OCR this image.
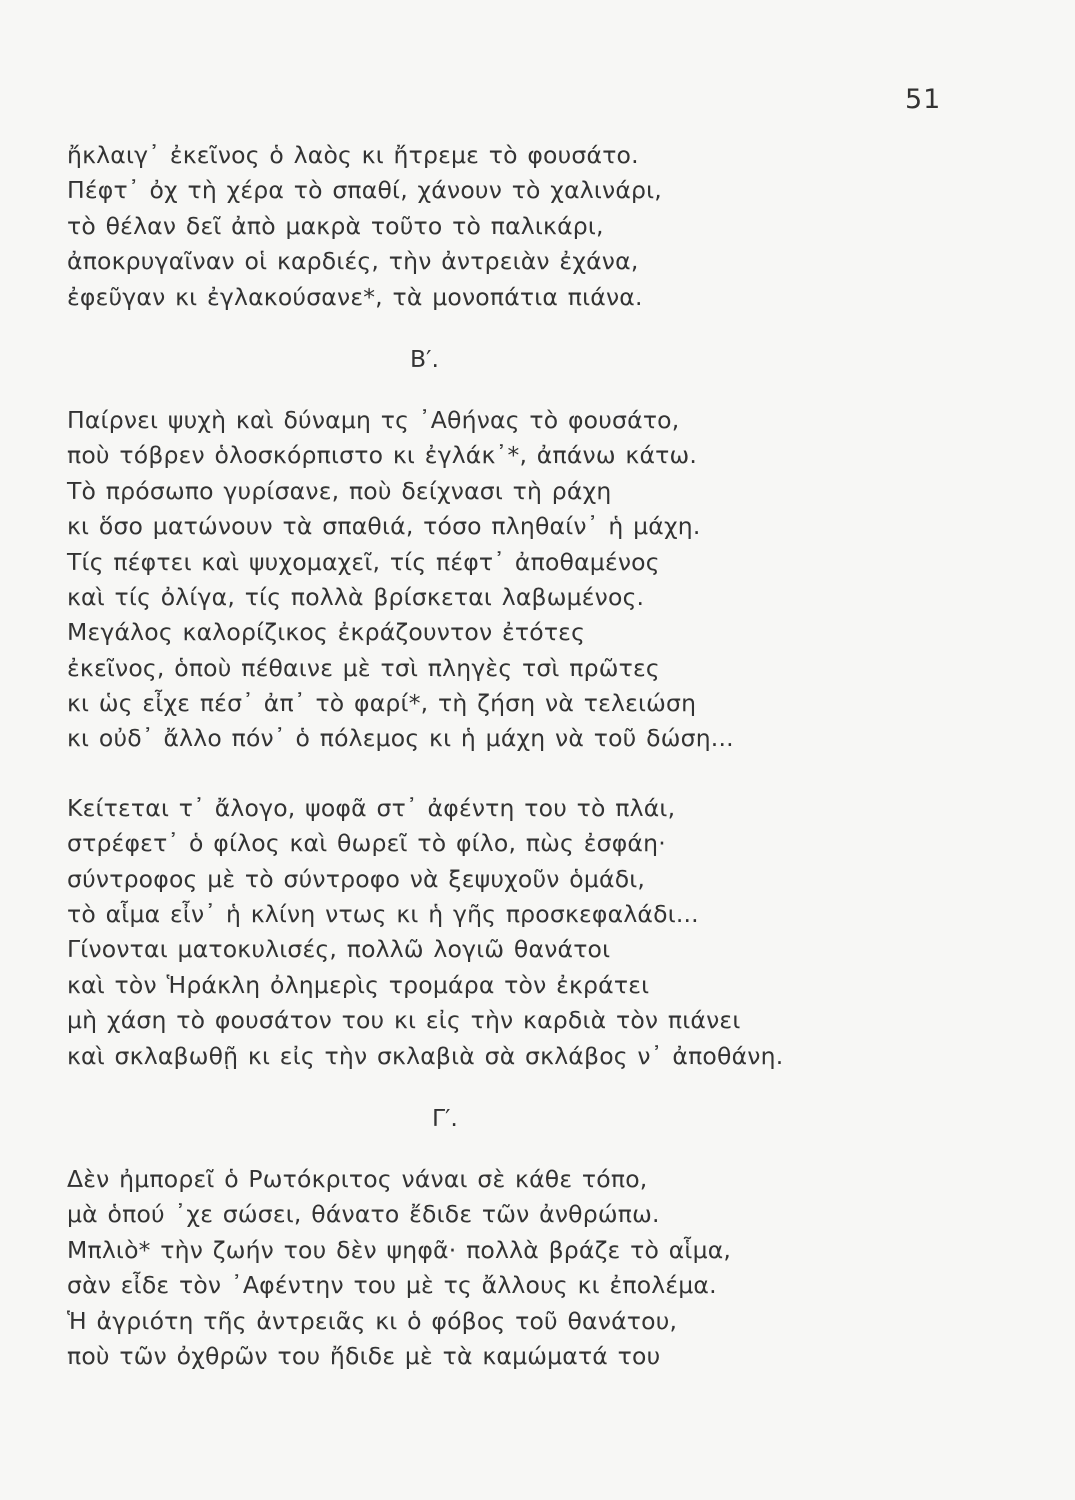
51
ἤκλαιγ᾿ ἐκεῖνος ὁ λαὸς κι ἤτρεμε τὸ φουσάτο.
Πέφτ᾿ ὀχ τὴ χέρα τὸ σπαθί, χάνουν τὸ χαλινάρι,
τὸ θέλαν δεῖ ἀπὸ μακρὰ τοῦτο τὸ παλικάρι,
ἀποκρυγαῖναν οἱ καρδιές, τὴν ἀντρειὰν ἐχάνα,
ἐφεῦγαν κι ἐγλακούσανε*, τὰ μονοπάτια πιάνα.
Β′.
Παίρνει ψυχὴ καὶ δύναμη τς ᾿Αθήνας τὸ φουσάτο,
ποὺ τόβρεν ὁλοσκόρπιστο κι ἐγλάκ᾿*, ἀπάνω κάτω.
Τὸ πρόσωπο γυρίσανε, ποὺ δείχνασι τὴ ράχη
κι ὅσο ματώνουν τὰ σπαθιά, τόσο πληθαίν᾿ ἡ μάχη.
Τίς πέφτει καὶ ψυχομαχεῖ, τίς πέφτ᾿ ἀποθαμένος
καὶ τίς ὀλίγα, τίς πολλὰ βρίσκεται λαβωμένος.
Μεγάλος καλορίζικος ἐκράζουντον ἐτότες
ἐκεῖνος, ὁποὺ πέθαινε μὲ τσὶ πληγὲς τσὶ πρῶτες
κι ὡς εἶχε πέσ᾿ ἀπ᾿ τὸ φαρί*, τὴ ζήση νὰ τελειώση
κι οὐδ᾿ ἄλλο πόν᾿ ὁ πόλεμος κι ἡ μάχη νὰ τοῦ δώση...
Κείτεται τ᾿ ἄλογο, ψοφᾶ στ᾿ ἀφέντη του τὸ πλάι,
στρέφετ᾿ ὁ φίλος καὶ θωρεῖ τὸ φίλο, πὼς ἐσφάη·
σύντροφος μὲ τὸ σύντροφο νὰ ξεψυχοῦν ὁμάδι,
τὸ αἷμα εἶν᾿ ἡ κλίνη ντως κι ἡ γῆς προσκεφαλάδι...
Γίνονται ματοκυλισές, πολλῶ λογιῶ θανάτοι
καὶ τὸν Ἡράκλη ὀλημερὶς τρομάρα τὸν ἐκράτει
μὴ χάση τὸ φουσάτον του κι εἰς τὴν καρδιὰ τὸν πιάνει
καὶ σκλαβωθῇ κι εἰς τὴν σκλαβιὰ σὰ σκλάβος ν᾿ ἀποθάνη.
Γ′.
Δὲν ἠμπορεῖ ὁ Ρωτόκριτος νάναι σὲ κάθε τόπο,
μὰ ὁπού ᾿χε σώσει, θάνατο ἔδιδε τῶν ἀνθρώπω.
Μπλιὸ* τὴν ζωήν του δὲν ψηφᾶ· πολλὰ βράζε τὸ αἷμα,
σὰν εἶδε τὸν ᾿Αφέντην του μὲ τς ἄλλους κι ἐπολέμα.
Ἡ ἀγριότη τῆς ἀντρειᾶς κι ὁ φόβος τοῦ θανάτου,
ποὺ τῶν ὀχθρῶν του ἤδιδε μὲ τὰ καμώματά του
